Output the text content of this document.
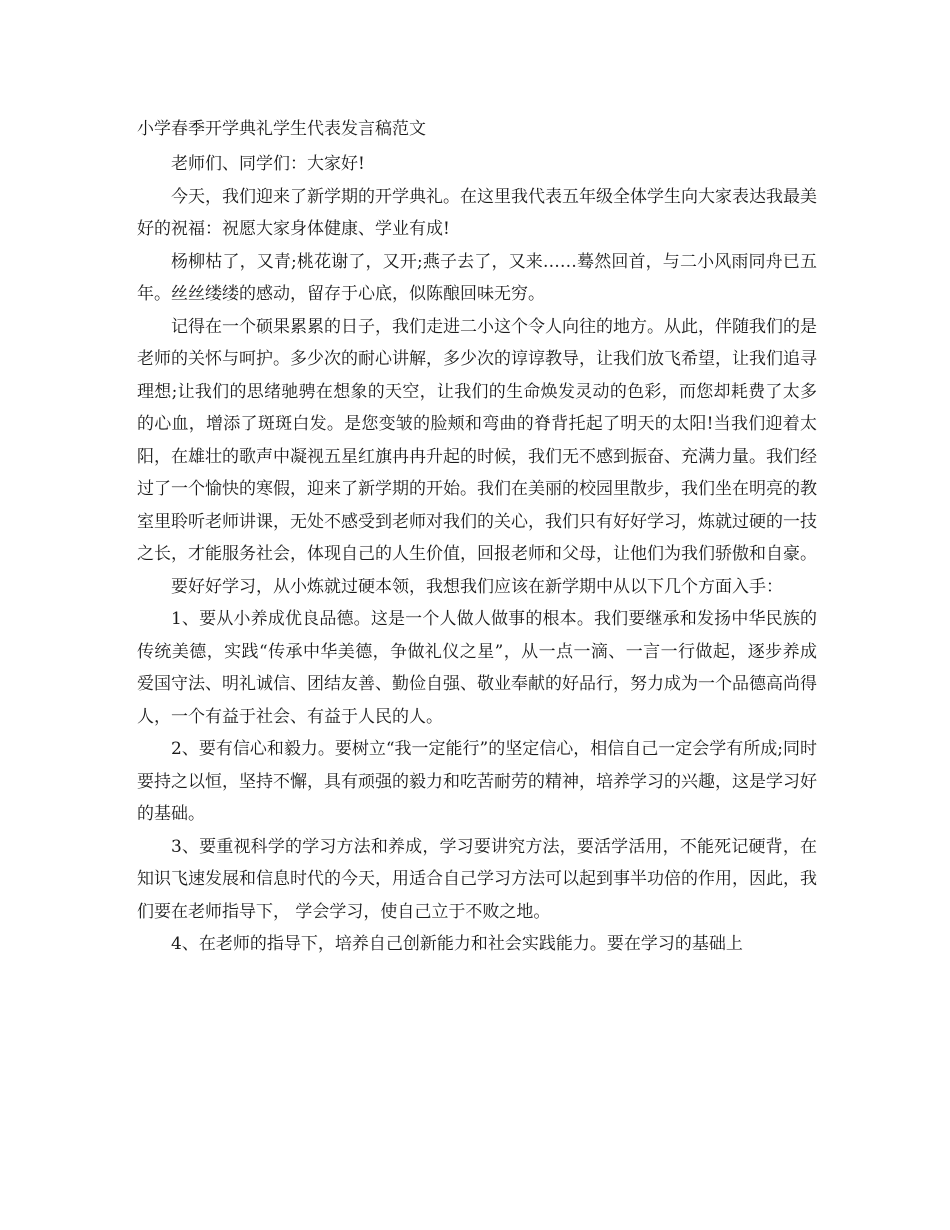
小学春季开学典礼学生代表发言稿范文

老师们、同学们：大家好!

今天，我们迎来了新学期的开学典礼。在这里我代表五年级全体学生向大家表达我最美好的祝福：祝愿大家身体健康、学业有成!

杨柳枯了，又青;桃花谢了，又开;燕子去了，又来……蓦然回首，与二小风雨同舟已五年。丝丝缕缕的感动，留存于心底，似陈酿回味无穷。

记得在一个硕果累累的日子，我们走进二小这个令人向往的地方。从此，伴随我们的是老师的关怀与呵护。多少次的耐心讲解，多少次的谆谆教导，让我们放飞希望，让我们追寻理想;让我们的思绪驰骋在想象的天空，让我们的生命焕发灵动的色彩，而您却耗费了太多的心血，增添了斑斑白发。是您变皱的脸颊和弯曲的脊背托起了明天的太阳!当我们迎着太阳，在雄壮的歌声中凝视五星红旗冉冉升起的时候，我们无不感到振奋、充满力量。我们经过了一个愉快的寒假，迎来了新学期的开始。我们在美丽的校园里散步，我们坐在明亮的教室里聆听老师讲课，无处不感受到老师对我们的关心，我们只有好好学习，炼就过硬的一技之长，才能服务社会，体现自己的人生价值，回报老师和父母，让他们为我们骄傲和自豪。

要好好学习，从小炼就过硬本领，我想我们应该在新学期中从以下几个方面入手：

1、要从小养成优良品德。这是一个人做人做事的根本。我们要继承和发扬中华民族的传统美德，实践“传承中华美德，争做礼仪之星”，从一点一滴、一言一行做起，逐步养成爱国守法、明礼诚信、团结友善、勤俭自强、敬业奉献的好品行，努力成为一个品德高尚得人，一个有益于社会、有益于人民的人。

2、要有信心和毅力。要树立“我一定能行”的坚定信心，相信自己一定会学有所成;同时要持之以恒，坚持不懈，具有顽强的毅力和吃苦耐劳的精神，培养学习的兴趣，这是学习好的基础。

3、要重视科学的学习方法和养成，学习要讲究方法，要活学活用，不能死记硬背，在知识飞速发展和信息时代的今天，用适合自己学习方法可以起到事半功倍的作用，因此，我们要在老师指导下， 学会学习，使自己立于不败之地。

4、在老师的指导下，培养自己创新能力和社会实践能力。要在学习的基础上
